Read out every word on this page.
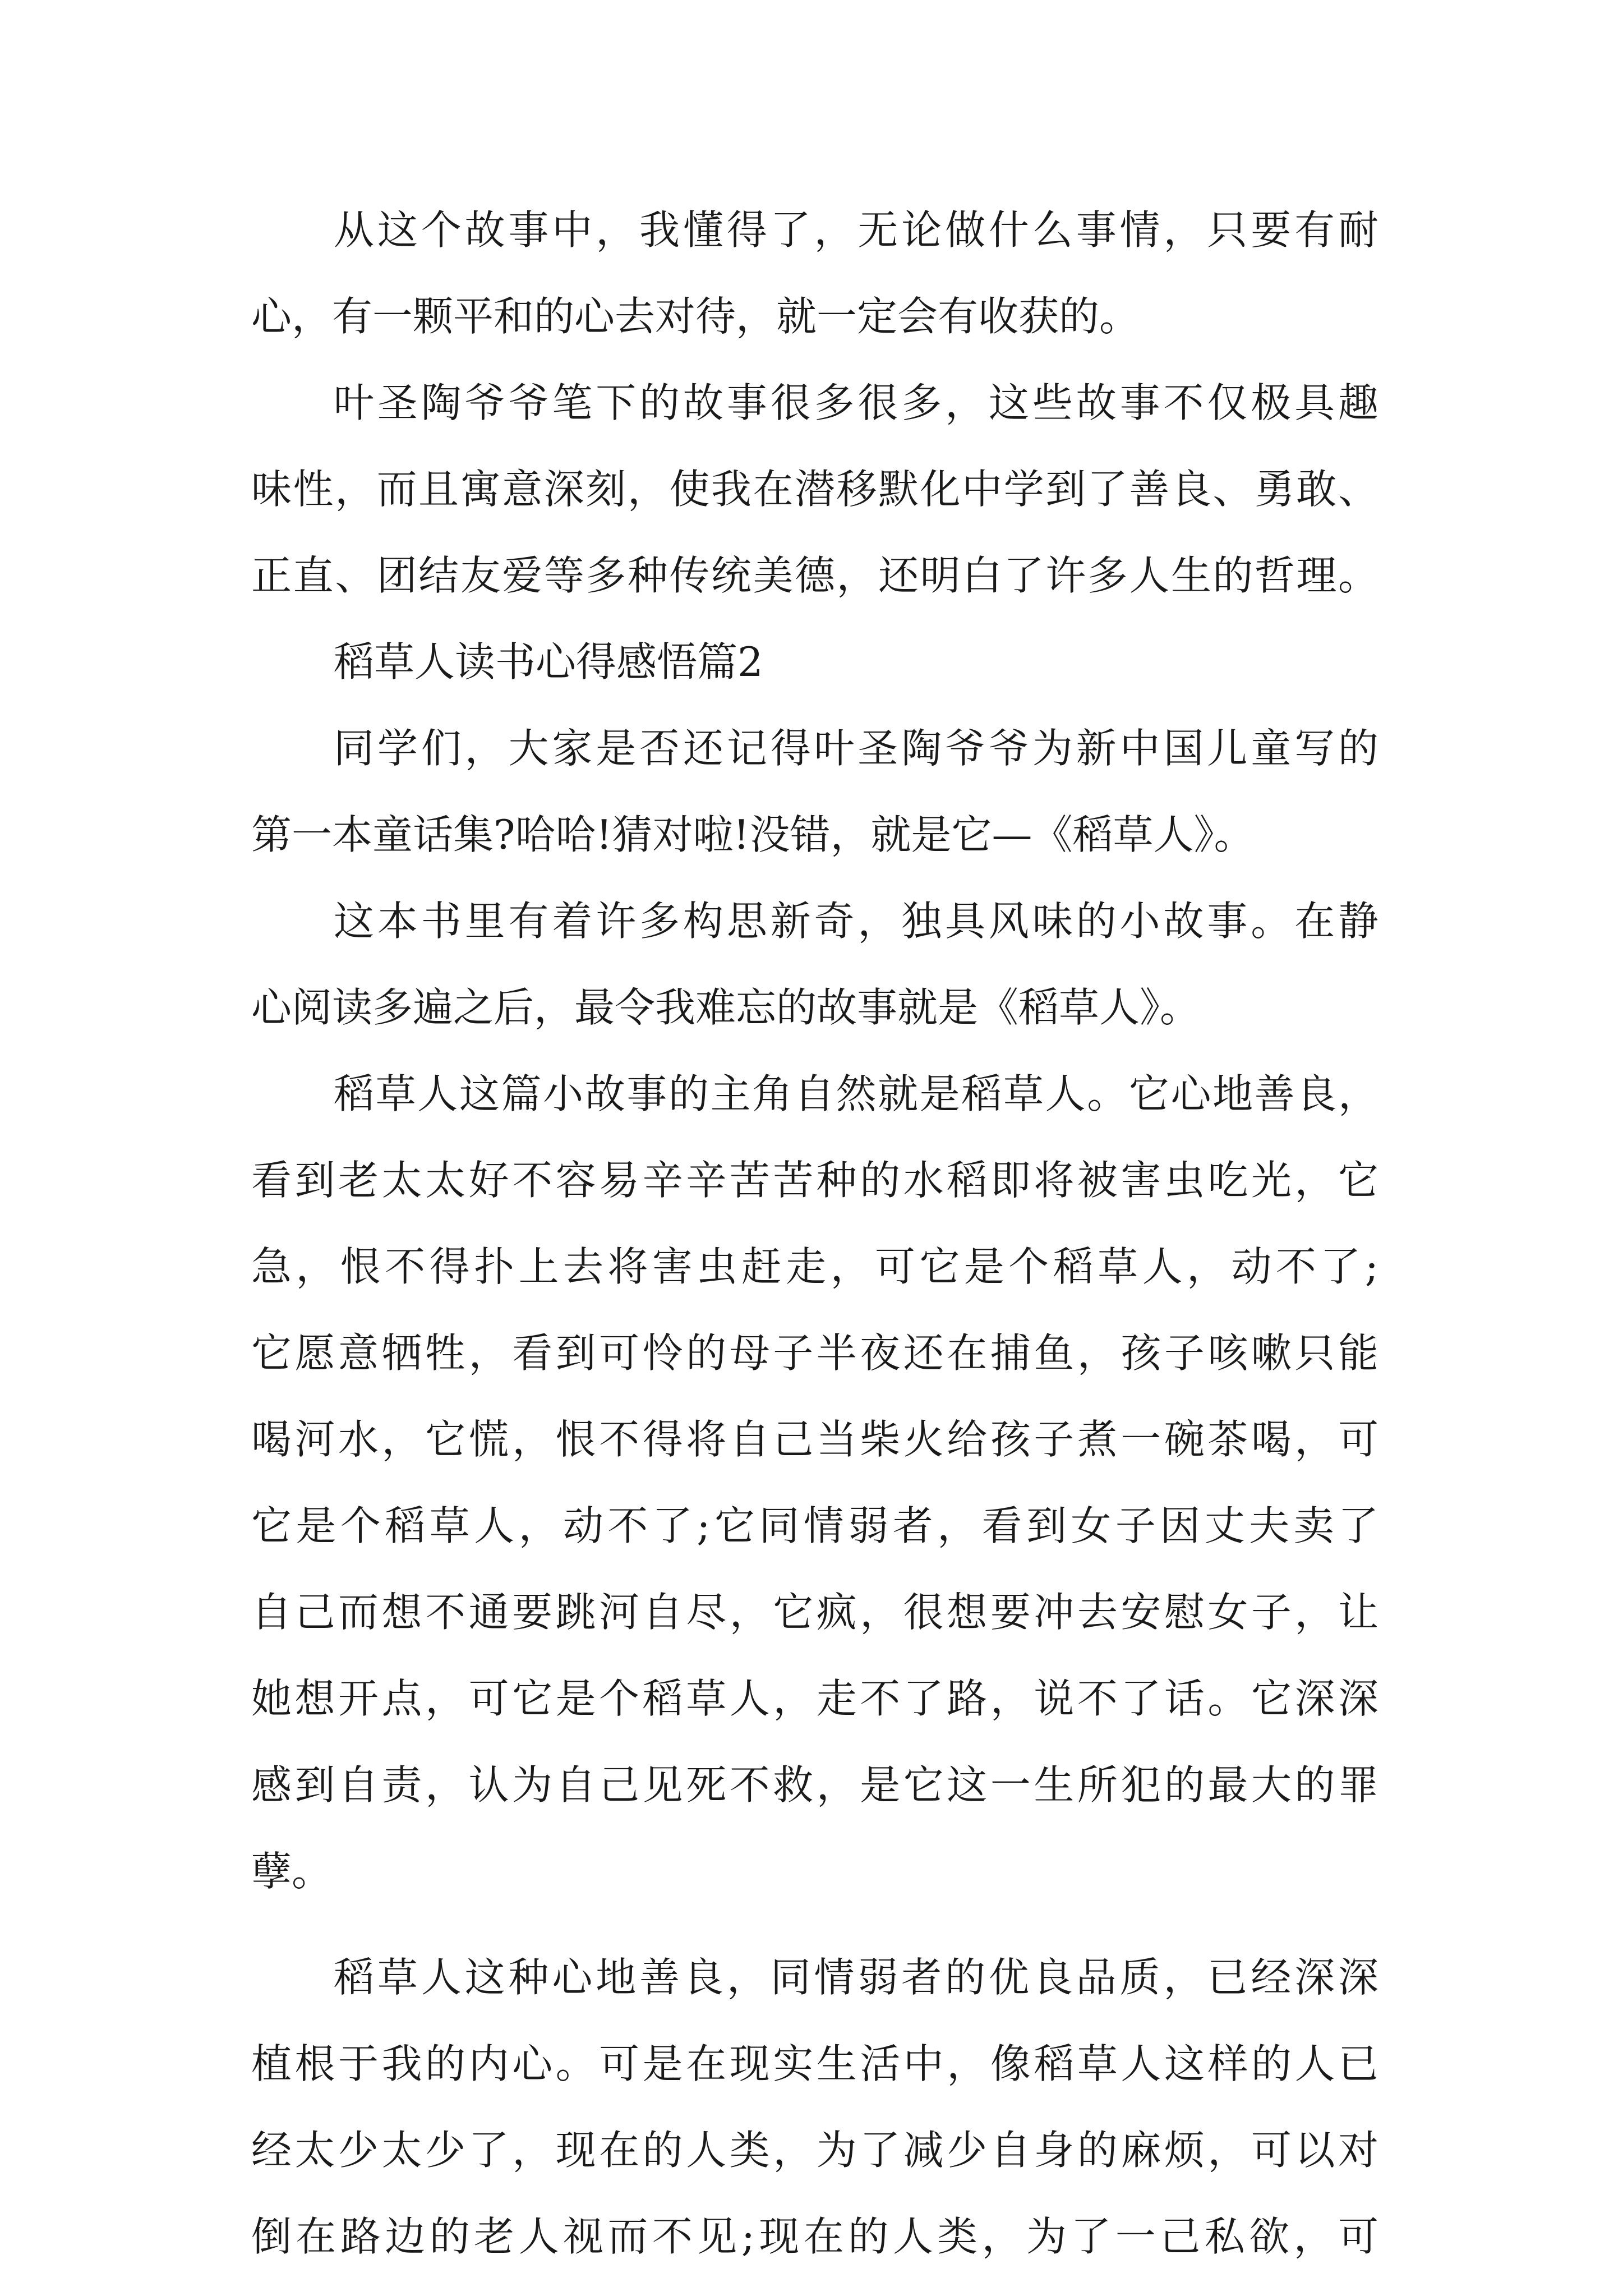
从这个故事中，我懂得了，无论做什么事情，只要有耐
心，有一颗平和的心去对待，就一定会有收获的。
叶圣陶爷爷笔下的故事很多很多，这些故事不仅极具趣
味性，而且寓意深刻，使我在潜移默化中学到了善良、勇敢、
正直、团结友爱等多种传统美德，还明白了许多人生的哲理。
稻草人读书心得感悟篇2
同学们，大家是否还记得叶圣陶爷爷为新中国儿童写的
第一本童话集?哈哈!猜对啦!没错，就是它—《稻草人》。
这本书里有着许多构思新奇，独具风味的小故事。在静
心阅读多遍之后，最令我难忘的故事就是《稻草人》。
稻草人这篇小故事的主角自然就是稻草人。它心地善良，
看到老太太好不容易辛辛苦苦种的水稻即将被害虫吃光，它
急，恨不得扑上去将害虫赶走，可它是个稻草人，动不了;
它愿意牺牲，看到可怜的母子半夜还在捕鱼，孩子咳嗽只能
喝河水，它慌，恨不得将自己当柴火给孩子煮一碗茶喝，可
它是个稻草人，动不了;它同情弱者，看到女子因丈夫卖了
自己而想不通要跳河自尽，它疯，很想要冲去安慰女子，让
她想开点，可它是个稻草人，走不了路，说不了话。它深深
感到自责，认为自己见死不救，是它这一生所犯的最大的罪
孽。
稻草人这种心地善良，同情弱者的优良品质，已经深深
植根于我的内心。可是在现实生活中，像稻草人这样的人已
经太少太少了，现在的人类，为了减少自身的麻烦，可以对
倒在路边的老人视而不见;现在的人类，为了一己私欲，可
